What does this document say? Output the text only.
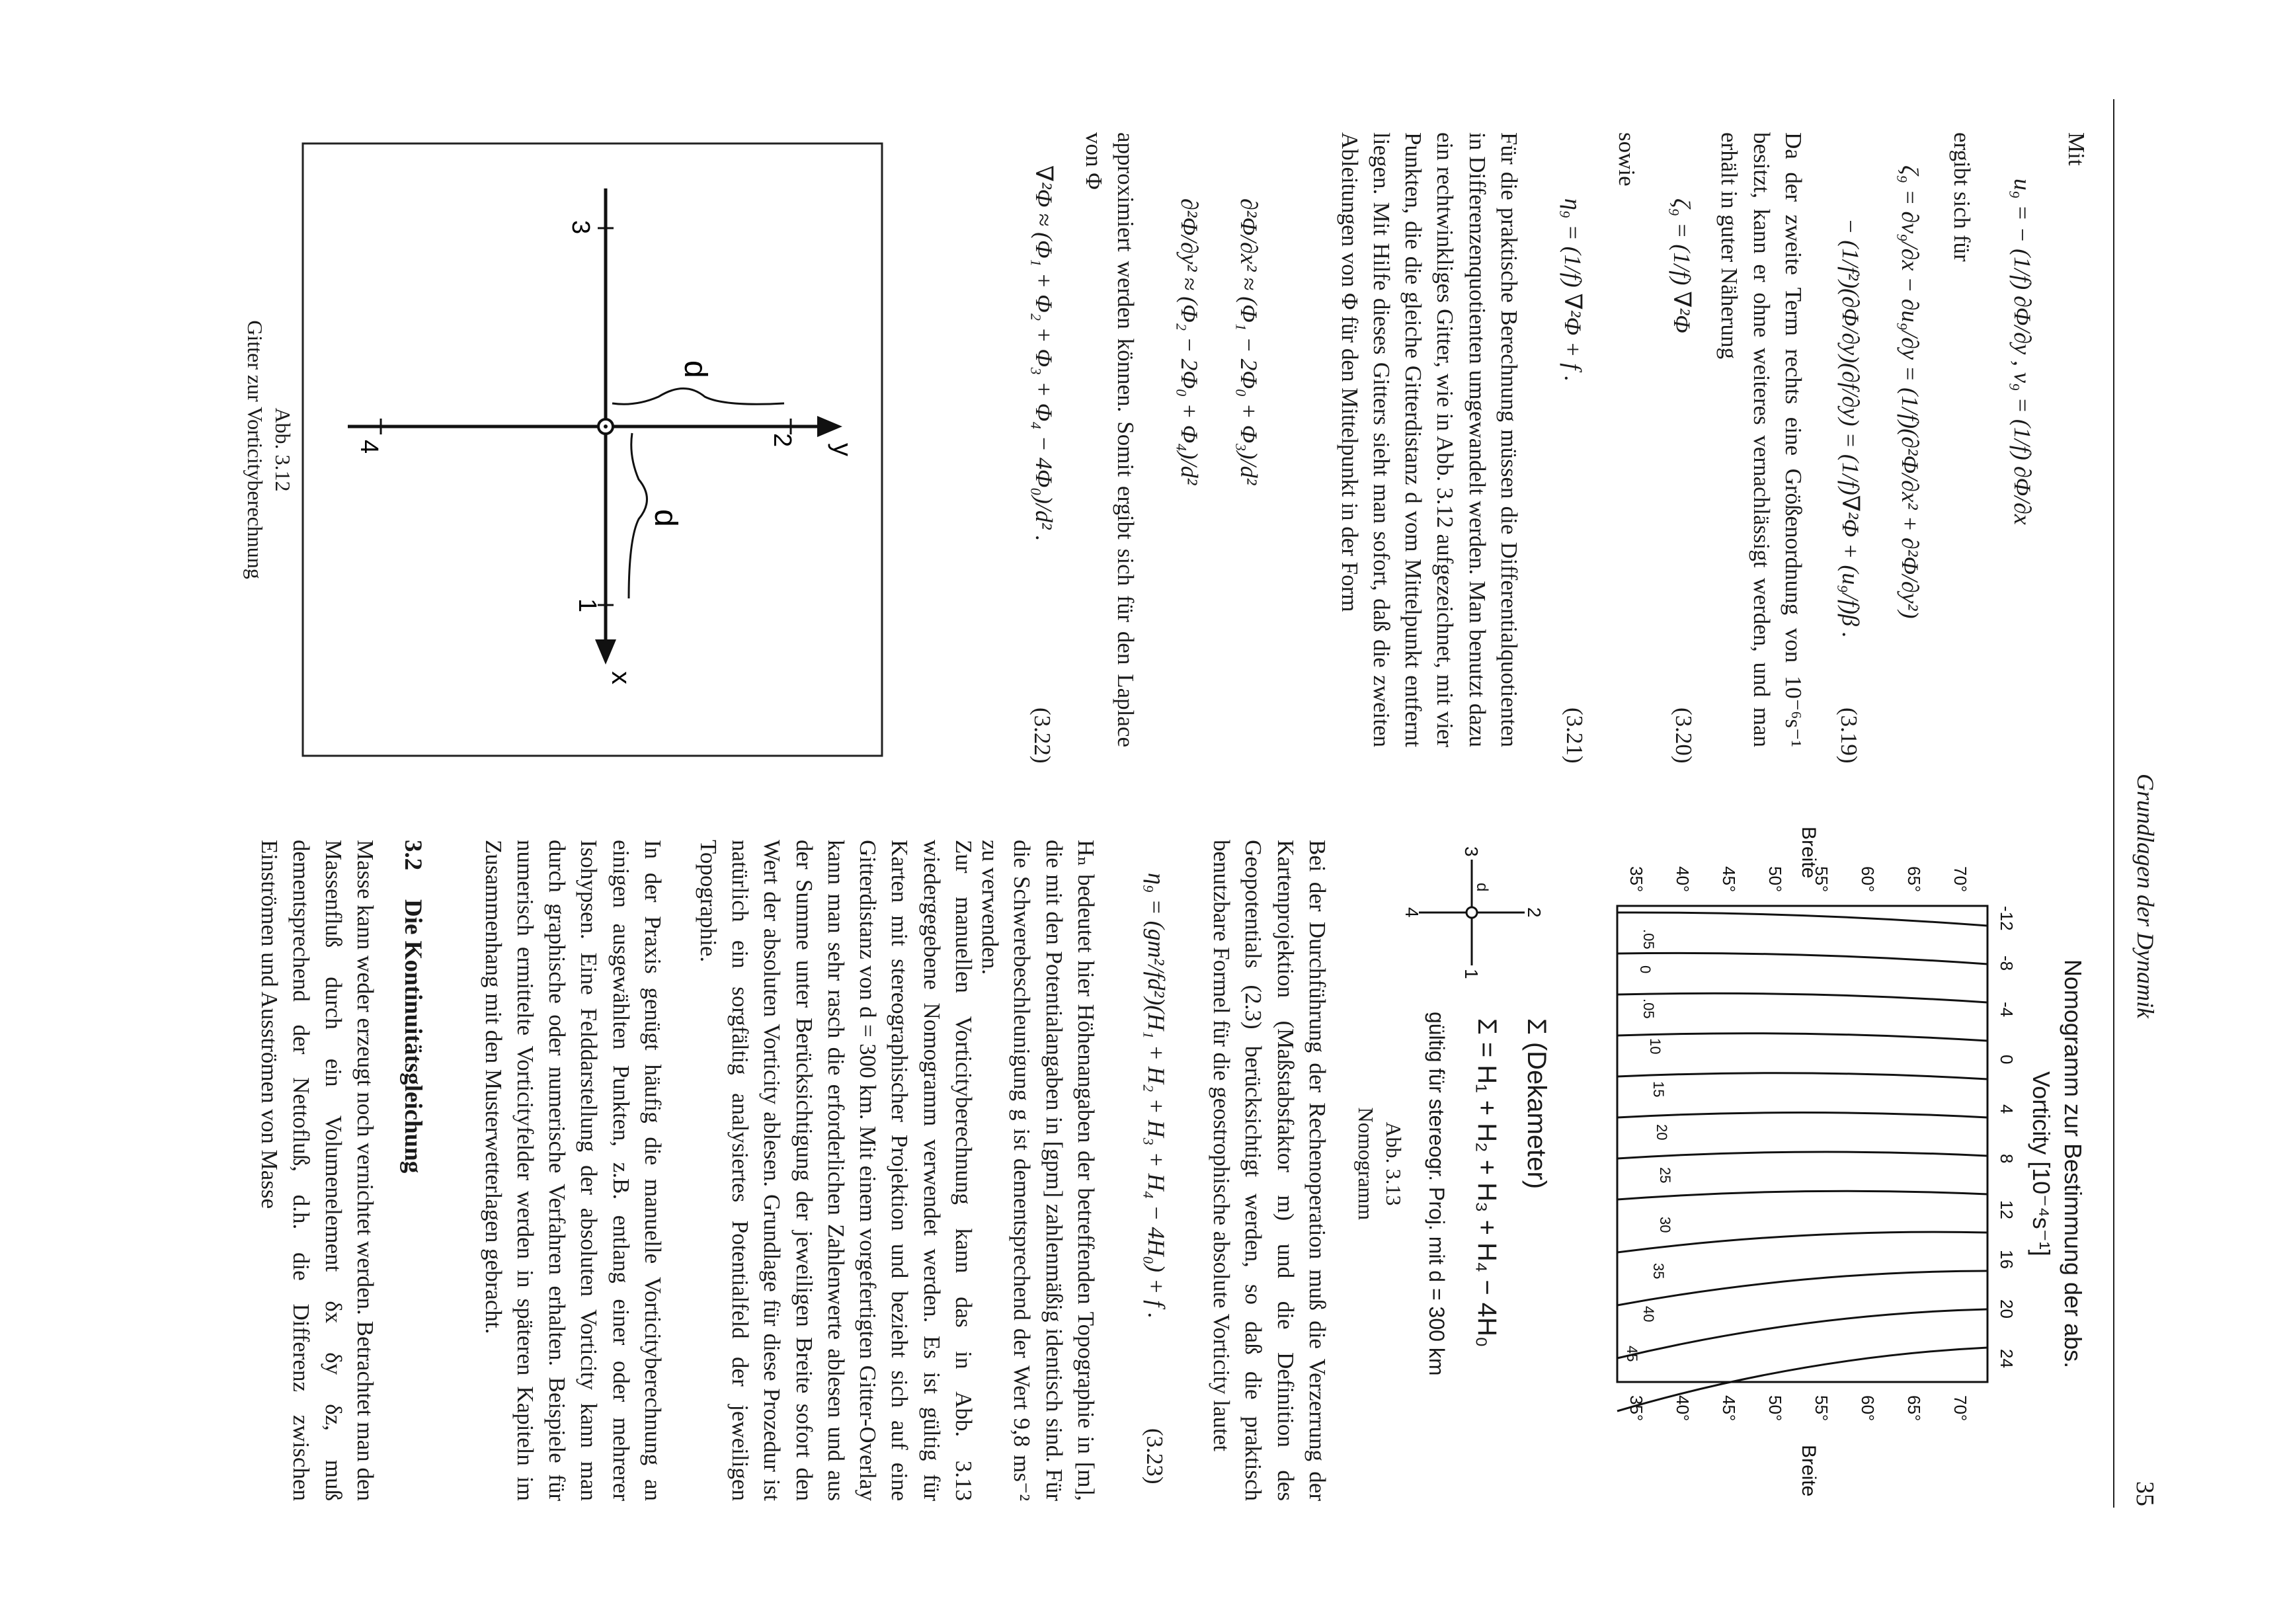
Grundlagen der Dynamik
35
Mit
u₉ = − (1/f) ∂Φ/∂y , v₉ = (1/f) ∂Φ/∂x
ergibt sich für
ζ₉ = ∂v₉/∂x − ∂u₉/∂y = (1/f)(∂²Φ/∂x² + ∂²Φ/∂y²)
− (1/f²)(∂Φ/∂y)(∂f/∂y) = (1/f)∇²Φ + (u₉/f)β .
(3.19)
Da der zweite Term rechts eine Größenordnung von 10⁻⁶s⁻¹ besitzt, kann er ohne weiteres vernachlässigt werden, und man erhält in guter Näherung
ζ₉ = (1/f) ∇²Φ
(3.20)
sowie
η₉ = (1/f) ∇²Φ + f .
(3.21)
Für die praktische Berechnung müssen die Differentialquotienten in Differenzenquotienten umgewandelt werden. Man benutzt dazu ein rechtwinkliges Gitter, wie in Abb. 3.12 aufgezeichnet, mit vier Punkten, die die gleiche Gitterdistanz d vom Mittelpunkt entfernt liegen. Mit Hilfe dieses Gitters sieht man sofort, daß die zweiten Ableitungen von Φ für den Mittelpunkt in der Form
∂²Φ/∂x² ≈ (Φ₁ − 2Φ₀ + Φ₃)/d²
∂²Φ/∂y² ≈ (Φ₂ − 2Φ₀ + Φ₄)/d²
approximiert werden können. Somit ergibt sich für den Laplace von Φ
∇²Φ ≈ (Φ₁ + Φ₂ + Φ₃ + Φ₄ − 4Φ₀)/d² .
(3.22)
x
y
1
2
3
4
d
d
Abb. 3.12
Gitter zur Vorticityberechnung
Nomogramm zur Bestimmung der abs.
Vorticity [10⁻⁴s⁻¹]
-12
-8
-4
0
4
8
12
16
20
24
70°
65°
60°
55°
50°
45°
40°
35°
70°
65°
60°
55°
50°
45°
40°
35°
Breite
Breite
.05
0
.05
10
15
20
25
30
35
40
45
Σ (Dekameter)
Σ = H₁ + H₂ + H₃ + H₄ − 4H₀
1
2
3
4
d
gültig für stereogr. Proj. mit d = 300 km
Abb. 3.13
Nomogramm
Bei der Durchführung der Rechenoperation muß die Verzerrung der Kartenprojektion (Maßstabsfaktor m) und die Definition des Geopotentials (2.3) berücksichtigt werden, so daß die praktisch benutzbare Formel für die geostrophische absolute Vorticity lautet
η₉ = (gm²/fd²)(H₁ + H₂ + H₃ + H₄ − 4H₀) + f .
(3.23)
Hₙ bedeutet hier Höhenangaben der betreffenden Topographie in [m], die mit den Potentialangaben in [gpm] zahlenmäßig identisch sind. Für die Schwerebeschleunigung g ist dementsprechend der Wert 9,8 ms⁻² zu verwenden.
Zur manuellen Vorticityberechnung kann das in Abb. 3.13 wiedergegebene Nomogramm verwendet werden. Es ist gültig für Karten mit stereographischer Projektion und bezieht sich auf eine Gitterdistanz von d = 300 km. Mit einem vorgefertigten Gitter-Overlay kann man sehr rasch die erforderlichen Zahlenwerte ablesen und aus der Summe unter Berücksichtigung der jeweiligen Breite sofort den Wert der absoluten Vorticity ablesen. Grundlage für diese Prozedur ist natürlich ein sorgfältig analysiertes Potentialfeld der jeweiligen Topographie.
In der Praxis genügt häufig die manuelle Vorticityberechnung an einigen ausgewählten Punkten, z.B. entlang einer oder mehrerer Isohypsen. Eine Felddarstellung der absoluten Vorticity kann man durch graphische oder numerische Verfahren erhalten. Beispiele für numerisch ermittelte Vorticityfelder werden in späteren Kapiteln im Zusammenhang mit den Musterwetterlagen gebracht.
3.2
Die Kontinuitätsgleichung
Masse kann weder erzeugt noch vernichtet werden. Betrachtet man den Massenfluß durch ein Volumenelement δx δy δz, muß dementsprechend der Nettofluß, d.h. die Differenz zwischen Einströmen und Ausströmen von Masse
